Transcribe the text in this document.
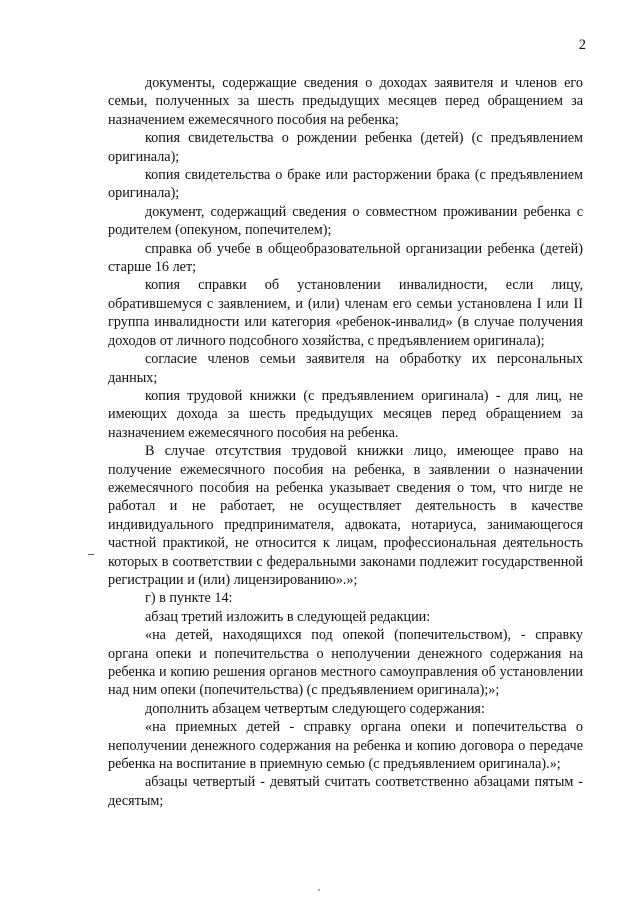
2

документы, содержащие сведения о доходах заявителя и членов его семьи, полученных за шесть предыдущих месяцев перед обращением за назначением ежемесячного пособия на ребенка;

копия свидетельства о рождении ребенка (детей) (с предъявлением оригинала);

копия свидетельства о браке или расторжении брака (с предъявлением оригинала);

документ, содержащий сведения о совместном проживании ребенка с родителем (опекуном, попечителем);

справка об учебе в общеобразовательной организации ребенка (детей) старше 16 лет;

копия справки об установлении инвалидности, если лицу, обратившемуся с заявлением, и (или) членам его семьи установлена I или II группа инвалидности или категория «ребенок-инвалид» (в случае получения доходов от личного подсобного хозяйства, с предъявлением оригинала);

согласие членов семьи заявителя на обработку их персональных данных;

копия трудовой книжки (с предъявлением оригинала) - для лиц, не имеющих дохода за шесть предыдущих месяцев перед обращением за назначением ежемесячного пособия на ребенка.

В случае отсутствия трудовой книжки лицо, имеющее право на получение ежемесячного пособия на ребенка, в заявлении о назначении ежемесячного пособия на ребенка указывает сведения о том, что нигде не работал и не работает, не осуществляет деятельность в качестве индивидуального предпринимателя, адвоката, нотариуса, занимающегося частной практикой, не относится к лицам, профессиональная деятельность которых в соответствии с федеральными законами подлежит государственной регистрации и (или) лицензированию».»;

г) в пункте 14:

абзац третий изложить в следующей редакции:

«на детей, находящихся под опекой (попечительством), - справку органа опеки и попечительства о неполучении денежного содержания на ребенка и копию решения органов местного самоуправления об установлении над ним опеки (попечительства) (с предъявлением оригинала);»;

дополнить абзацем четвертым следующего содержания:

«на приемных детей - справку органа опеки и попечительства о неполучении денежного содержания на ребенка и копию договора о передаче ребенка на воспитание в приемную семью (с предъявлением оригинала).»;

абзацы четвертый - девятый считать соответственно абзацами пятым - десятым;
